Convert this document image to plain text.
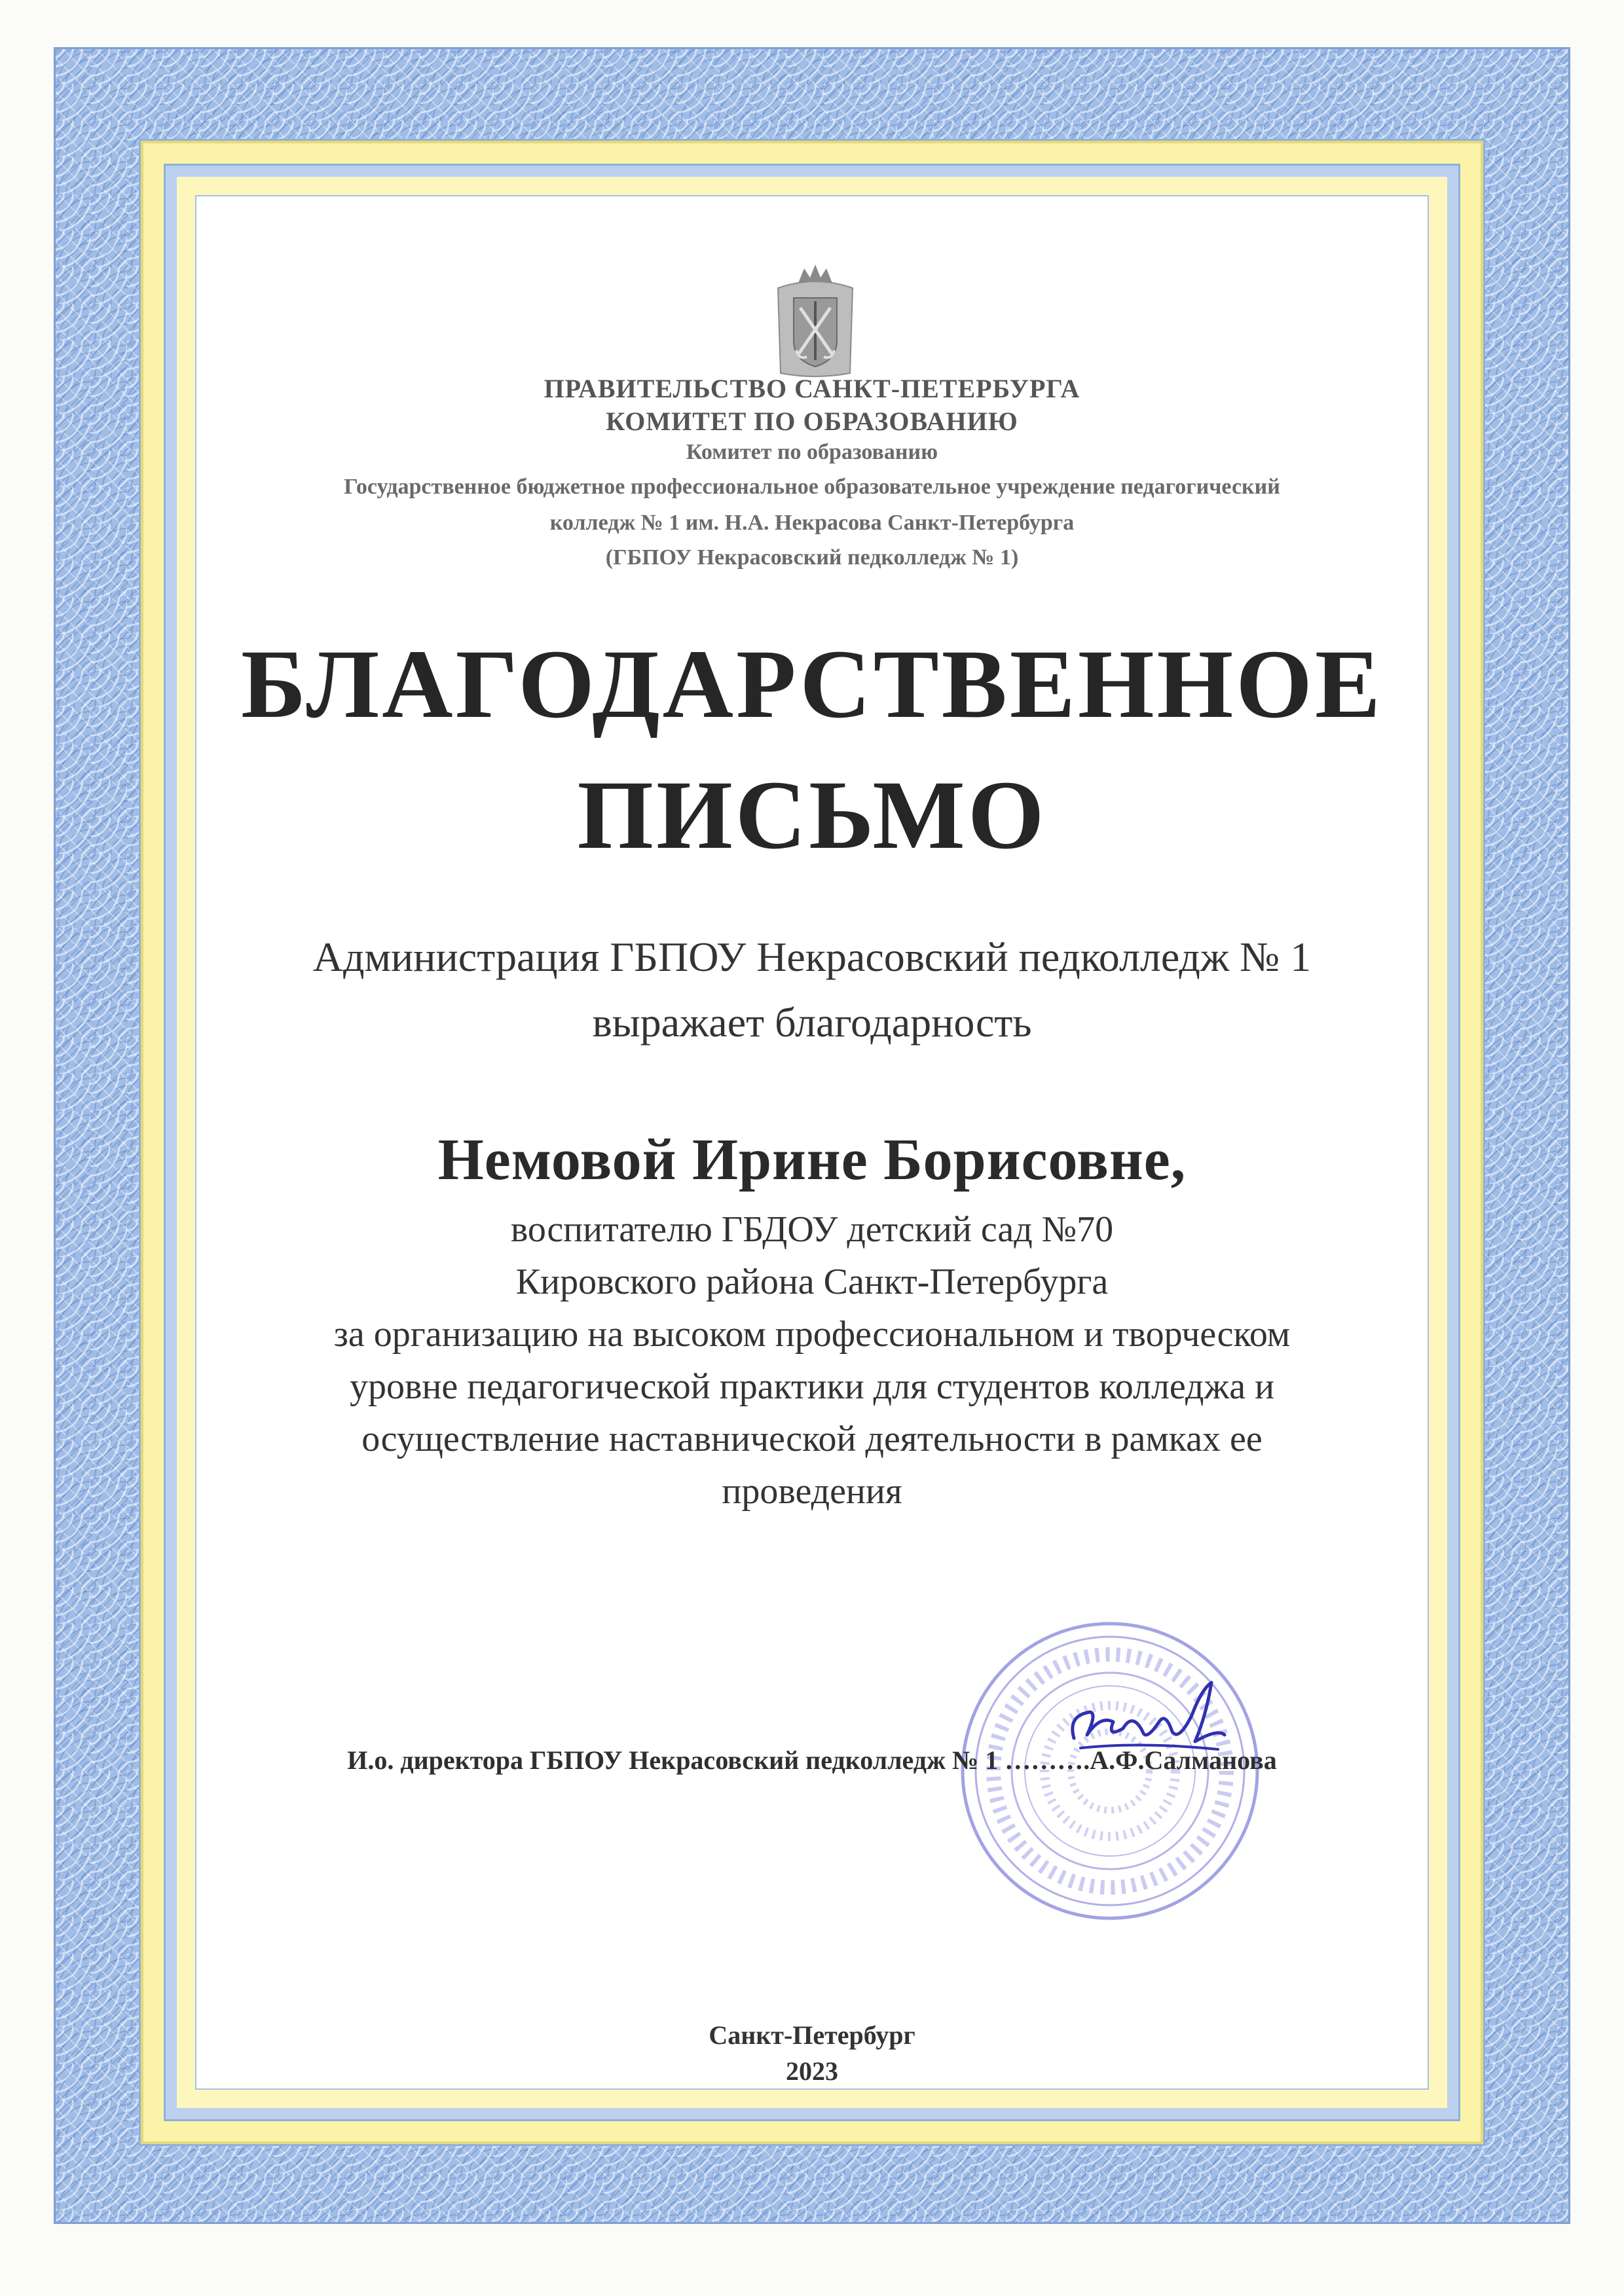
ПРАВИТЕЛЬСТВО САНКТ-ПЕТЕРБУРГА
КОМИТЕТ ПО ОБРАЗОВАНИЮ
Комитет по образованию
Государственное бюджетное профессиональное образовательное учреждение педагогический
колледж № 1 им. Н.А. Некрасова Санкт-Петербурга
(ГБПОУ Некрасовский педколледж № 1)
БЛАГОДАРСТВЕННОЕ
ПИСЬМО
Администрация ГБПОУ Некрасовский педколледж № 1
выражает благодарность
Немовой Ирине Борисовне,
воспитателю ГБДОУ детский сад №70
Кировского района Санкт-Петербурга
за организацию на высоком профессиональном и творческом
уровне педагогической практики для студентов колледжа и
осуществление наставнической деятельности в рамках ее
проведения
И.о. директора ГБПОУ Некрасовский педколледж № 1 ……….А.Ф.Салманова
Санкт-Петербург
2023
